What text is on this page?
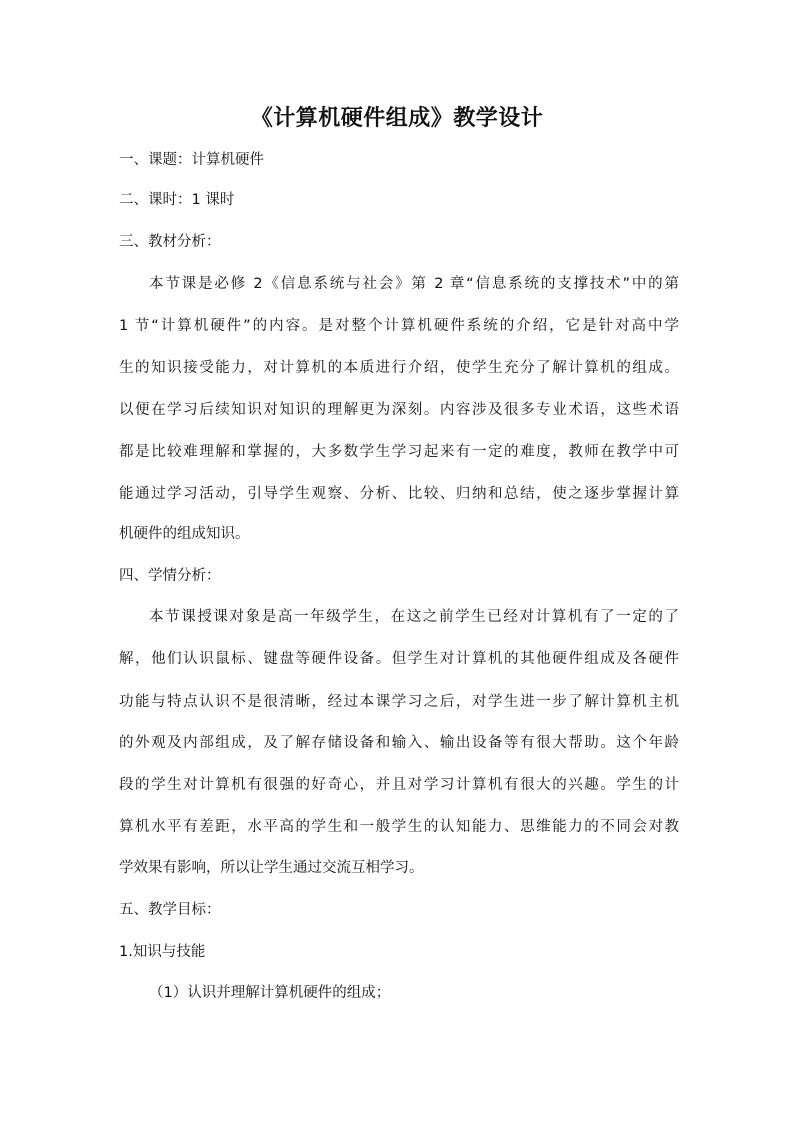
《计算机硬件组成》教学设计
一、课题：计算机硬件
二、课时：1 课时
三、教材分析：
本节课是必修 2《信息系统与社会》第 2 章“信息系统的支撑技术”中的第
1 节“计算机硬件”的内容。是对整个计算机硬件系统的介绍，它是针对高中学
生的知识接受能力，对计算机的本质进行介绍，使学生充分了解计算机的组成。
以便在学习后续知识对知识的理解更为深刻。内容涉及很多专业术语，这些术语
都是比较难理解和掌握的，大多数学生学习起来有一定的难度，教师在教学中可
能通过学习活动，引导学生观察、分析、比较、归纳和总结，使之逐步掌握计算
机硬件的组成知识。
四、学情分析：
本节课授课对象是高一年级学生，在这之前学生已经对计算机有了一定的了
解，他们认识鼠标、键盘等硬件设备。但学生对计算机的其他硬件组成及各硬件
功能与特点认识不是很清晰，经过本课学习之后，对学生进一步了解计算机主机
的外观及内部组成，及了解存储设备和输入、输出设备等有很大帮助。这个年龄
段的学生对计算机有很强的好奇心，并且对学习计算机有很大的兴趣。学生的计
算机水平有差距，水平高的学生和一般学生的认知能力、思维能力的不同会对教
学效果有影响，所以让学生通过交流互相学习。
五、教学目标：
1.知识与技能
（1）认识并理解计算机硬件的组成；
